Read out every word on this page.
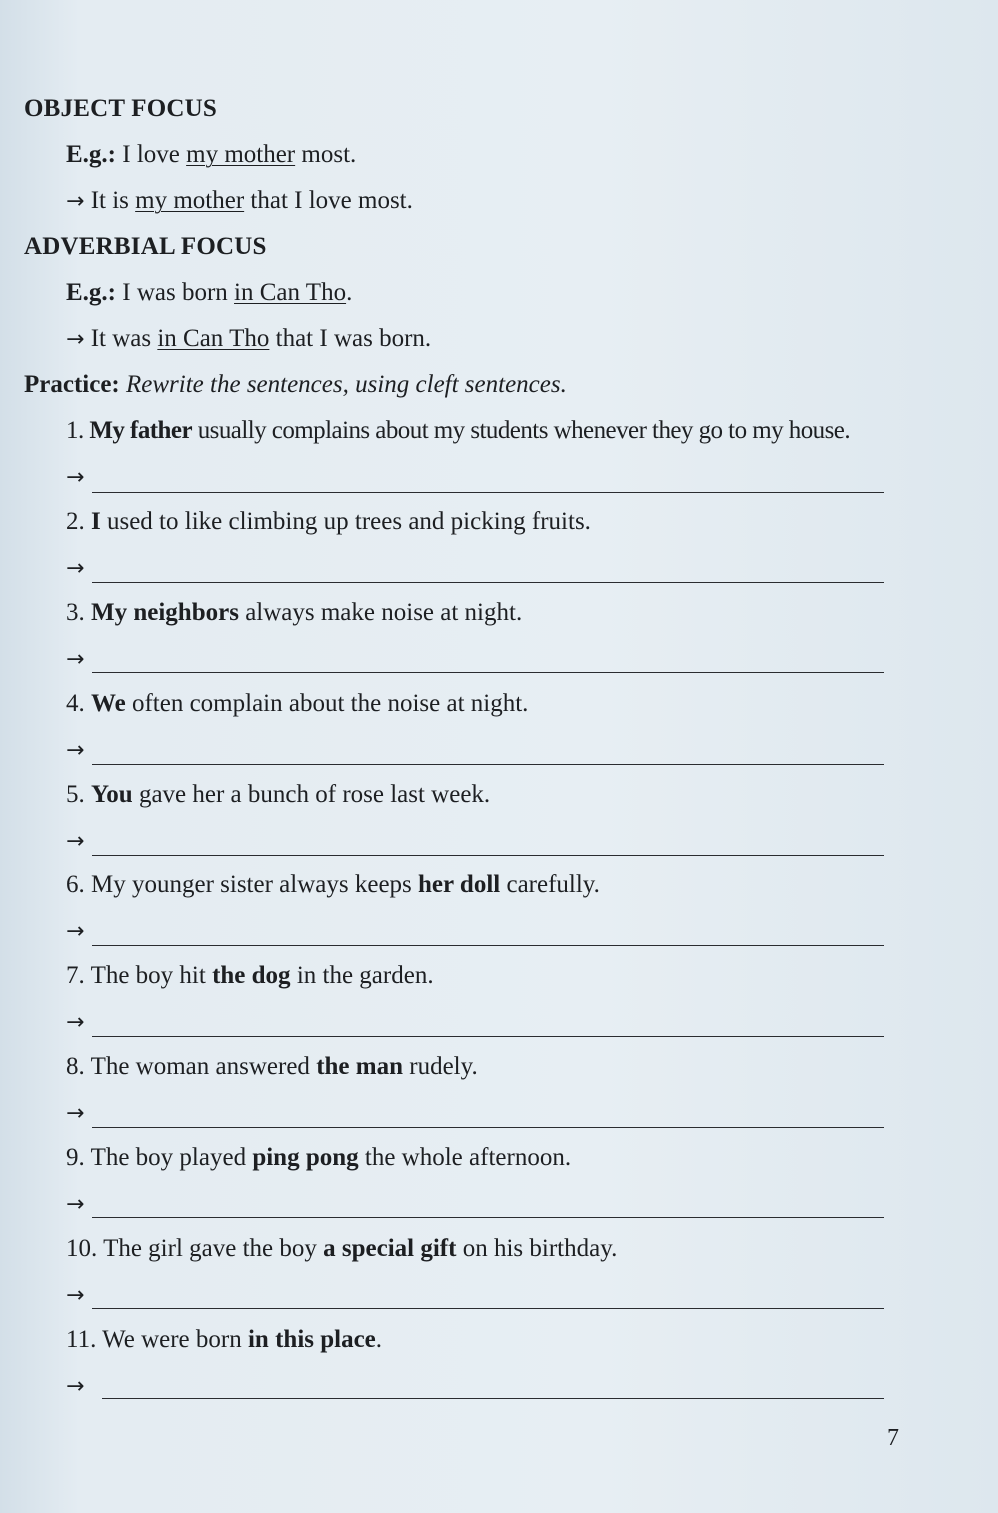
OBJECT FOCUS
E.g.: I love my mother most.
→ It is my mother that I love most.
ADVERBIAL FOCUS
E.g.: I was born in Can Tho.
→ It was in Can Tho that I was born.
Practice: Rewrite the sentences, using cleft sentences.
1. My father usually complains about my students whenever they go to my house.
→
2. I used to like climbing up trees and picking fruits.
→
3. My neighbors always make noise at night.
→
4. We often complain about the noise at night.
→
5. You gave her a bunch of rose last week.
→
6. My younger sister always keeps her doll carefully.
→
7. The boy hit the dog in the garden.
→
8. The woman answered the man rudely.
→
9. The boy played ping pong the whole afternoon.
→
10. The girl gave the boy a special gift on his birthday.
→
11. We were born in this place.
→
7
